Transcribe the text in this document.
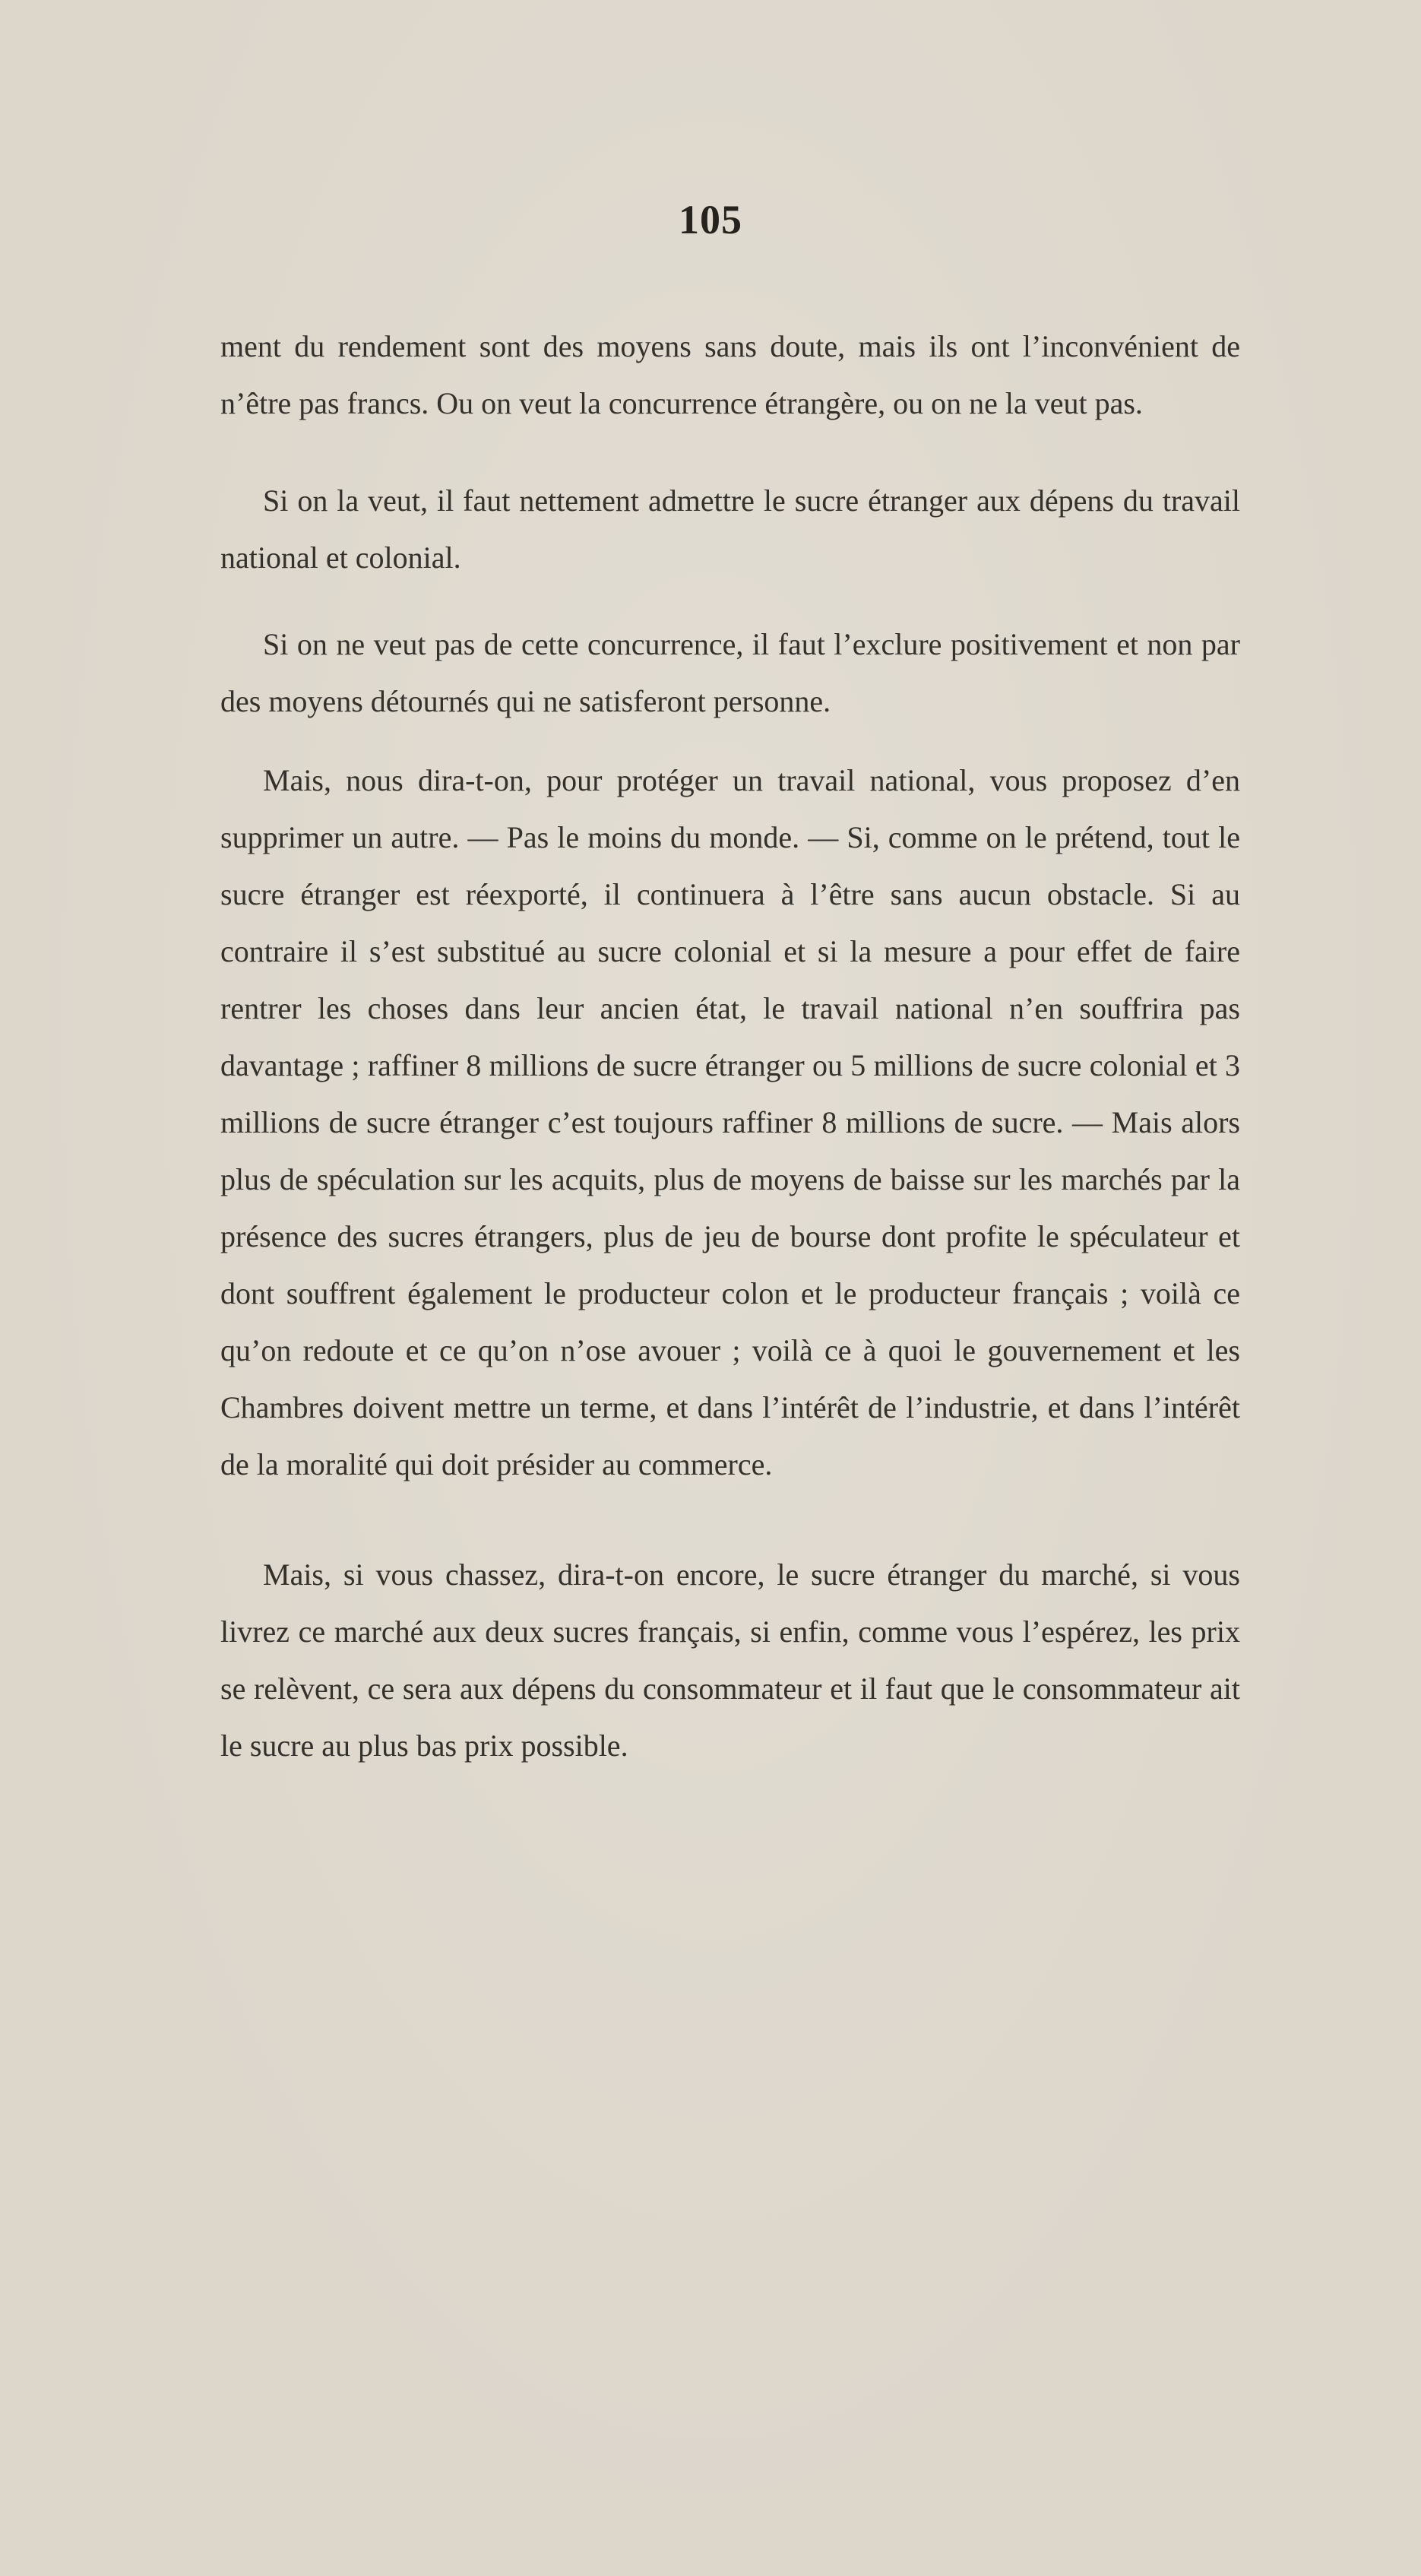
105

ment du rendement sont des moyens sans doute, mais ils ont l’inconvénient de n’être pas francs. Ou on veut la concurrence étrangère, ou on ne la veut pas.

Si on la veut, il faut nettement admettre le sucre étranger aux dépens du travail national et colonial.

Si on ne veut pas de cette concurrence, il faut l’exclure positivement et non par des moyens détournés qui ne satisferont personne.

Mais, nous dira-t-on, pour protéger un travail national, vous proposez d’en supprimer un autre. — Pas le moins du monde. — Si, comme on le prétend, tout le sucre étranger est réexporté, il continuera à l’être sans aucun obstacle. Si au contraire il s’est substitué au sucre colonial et si la mesure a pour effet de faire rentrer les choses dans leur ancien état, le travail national n’en souffrira pas davantage ; raffiner 8 millions de sucre étranger ou 5 millions de sucre colonial et 3 millions de sucre étranger c’est toujours raffiner 8 millions de sucre. — Mais alors plus de spéculation sur les acquits, plus de moyens de baisse sur les marchés par la présence des sucres étrangers, plus de jeu de bourse dont profite le spéculateur et dont souffrent également le producteur colon et le producteur français ; voilà ce qu’on redoute et ce qu’on n’ose avouer ; voilà ce à quoi le gouvernement et les Chambres doivent mettre un terme, et dans l’intérêt de l’industrie, et dans l’intérêt de la moralité qui doit présider au commerce.

Mais, si vous chassez, dira-t-on encore, le sucre étranger du marché, si vous livrez ce marché aux deux sucres français, si enfin, comme vous l’espérez, les prix se relèvent, ce sera aux dépens du consommateur et il faut que le consommateur ait le sucre au plus bas prix possible.
